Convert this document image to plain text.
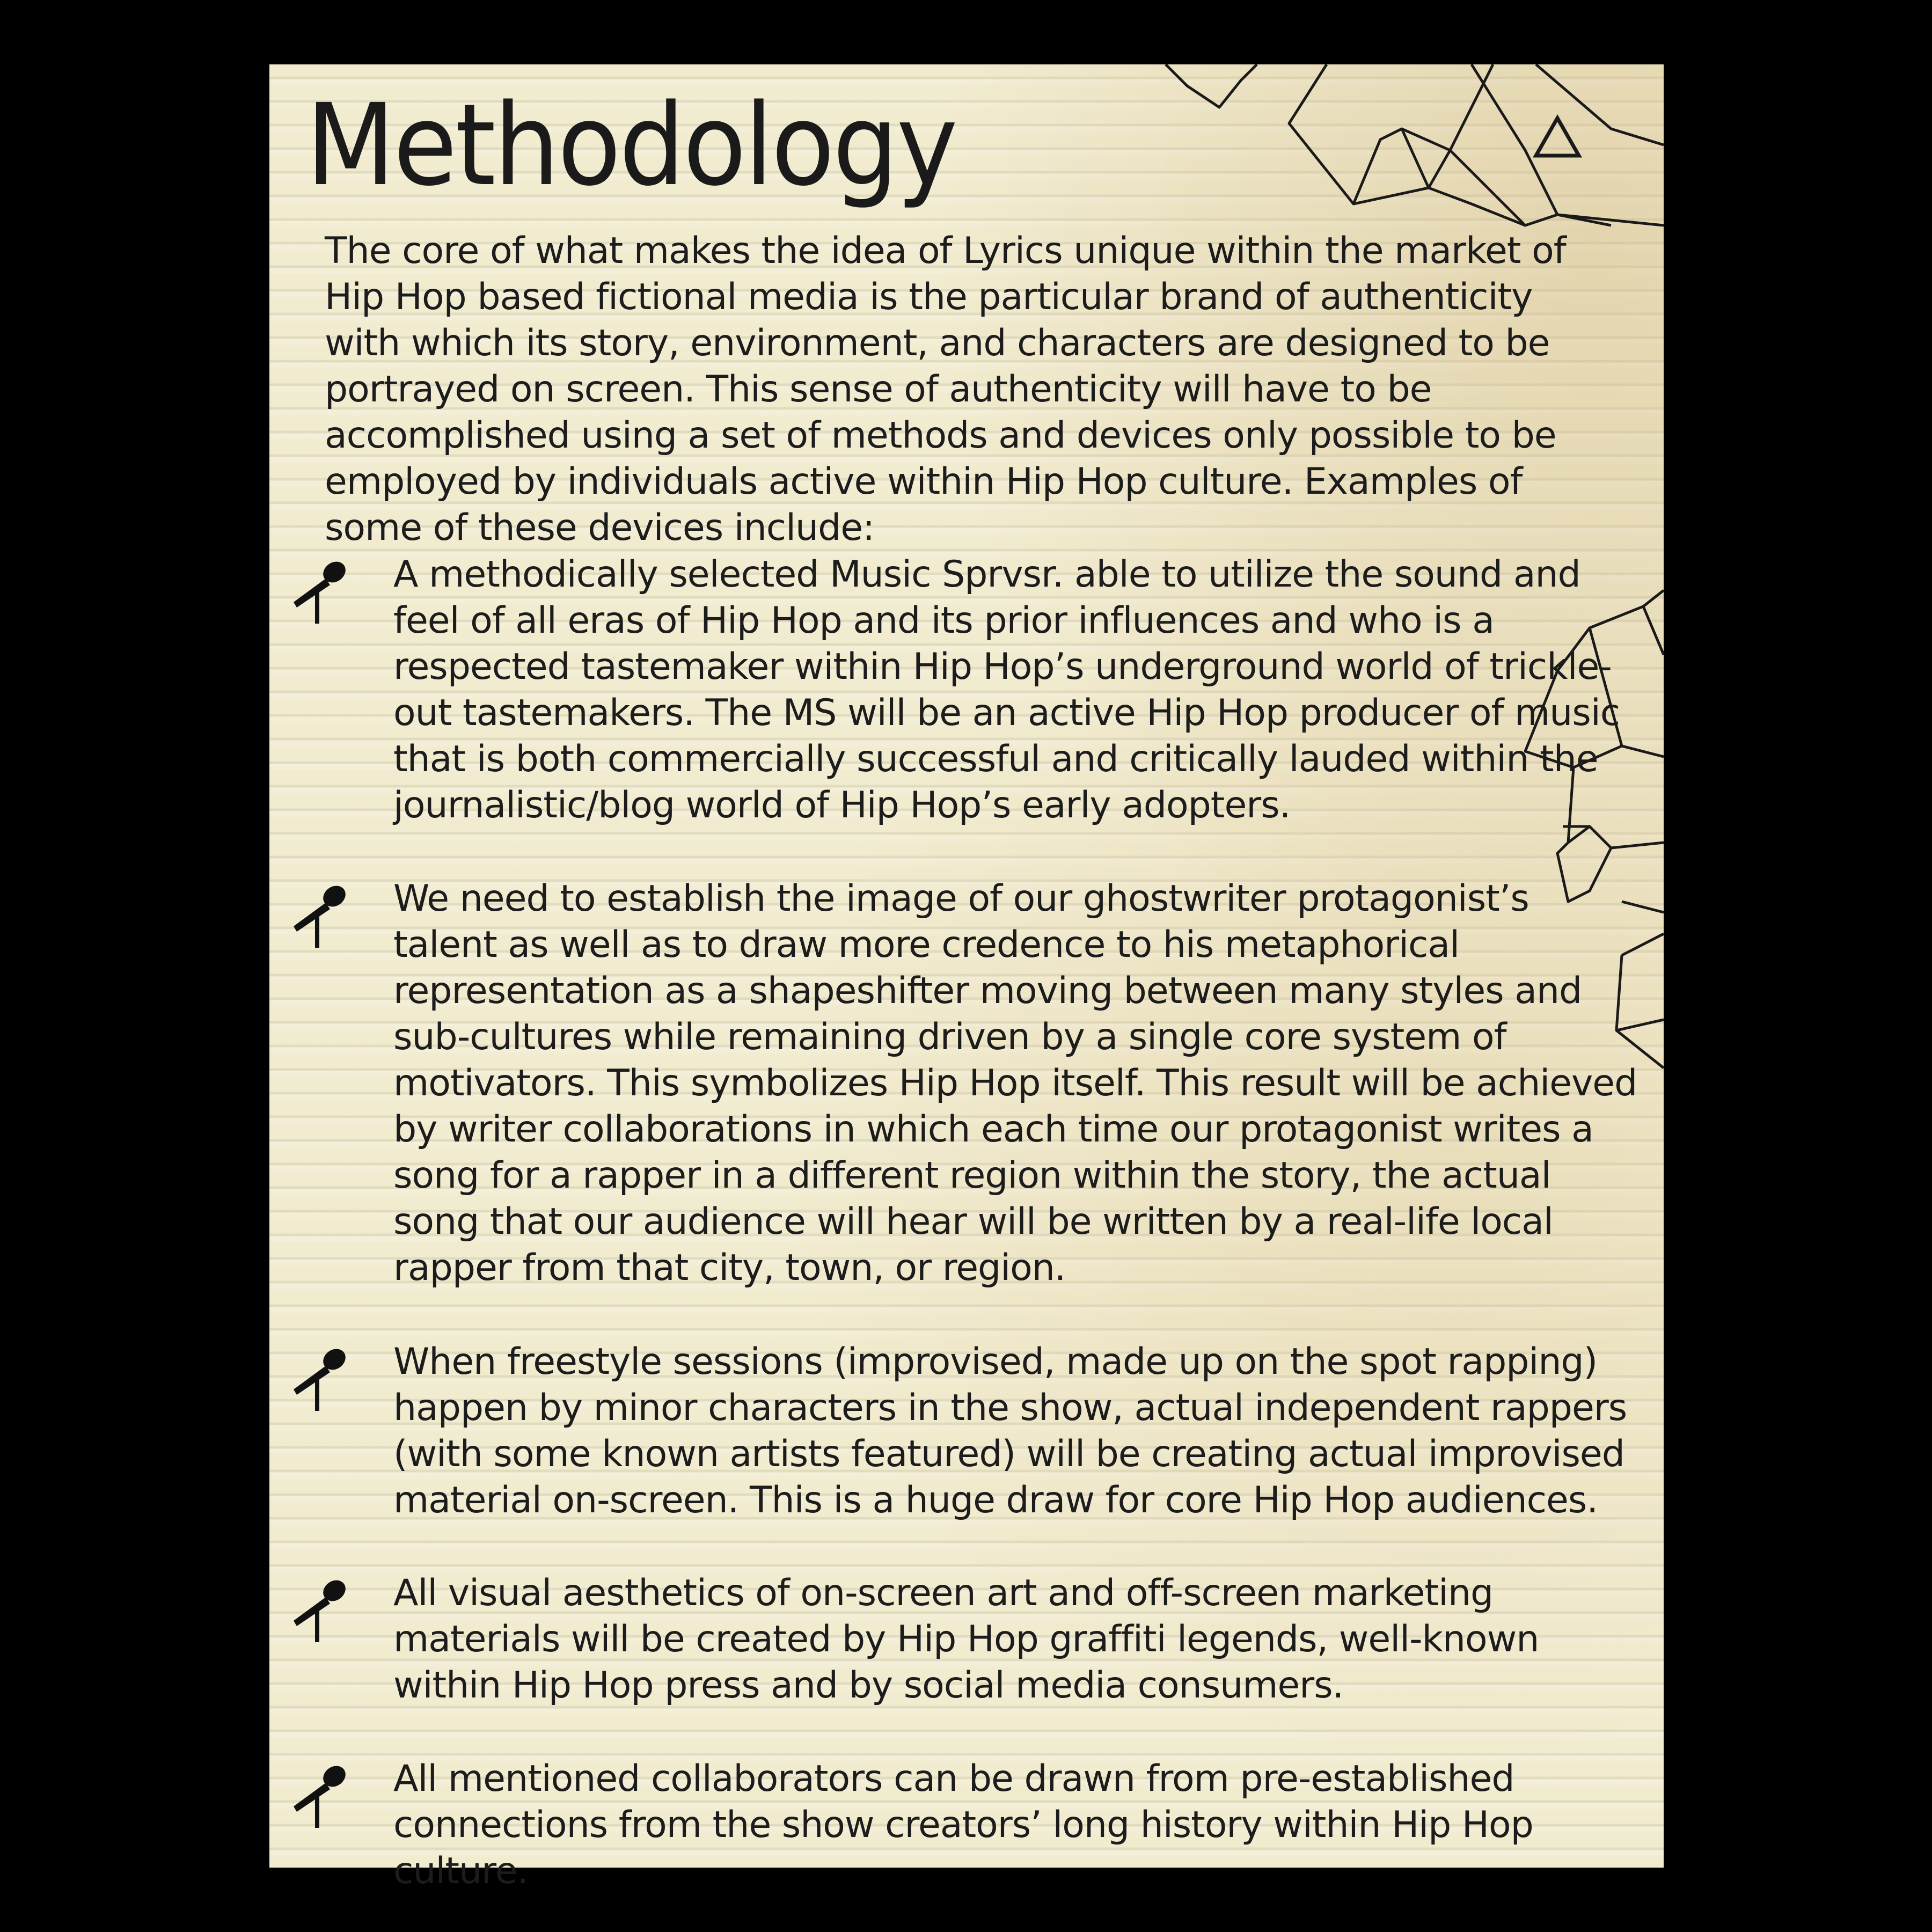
Methodology

The core of what makes the idea of Lyrics unique within the market of Hip Hop based fictional media is the particular brand of authenticity with which its story, environment, and characters are designed to be portrayed on screen. This sense of authenticity will have to be accomplished using a set of methods and devices only possible to be employed by individuals active within Hip Hop culture. Examples of some of these devices include:

A methodically selected Music Sprvsr. able to utilize the sound and feel of all eras of Hip Hop and its prior influences and who is a respected tastemaker within Hip Hop’s underground world of trickle-out tastemakers. The MS will be an active Hip Hop producer of music that is both commercially successful and critically lauded within the journalistic/blog world of Hip Hop’s early adopters.

We need to establish the image of our ghostwriter protagonist’s talent as well as to draw more credence to his metaphorical representation as a shapeshifter moving between many styles and sub-cultures while remaining driven by a single core system of motivators. This symbolizes Hip Hop itself. This result will be achieved by writer collaborations in which each time our protagonist writes a song for a rapper in a different region within the story, the actual song that our audience will hear will be written by a real-life local rapper from that city, town, or region.

When freestyle sessions (improvised, made up on the spot rapping) happen by minor characters in the show, actual independent rappers (with some known artists featured) will be creating actual improvised material on-screen. This is a huge draw for core Hip Hop audiences.

All visual aesthetics of on-screen art and off-screen marketing materials will be created by Hip Hop graffiti legends, well-known within Hip Hop press and by social media consumers.

All mentioned collaborators can be drawn from pre-established connections from the show creators’ long history within Hip Hop culture.
